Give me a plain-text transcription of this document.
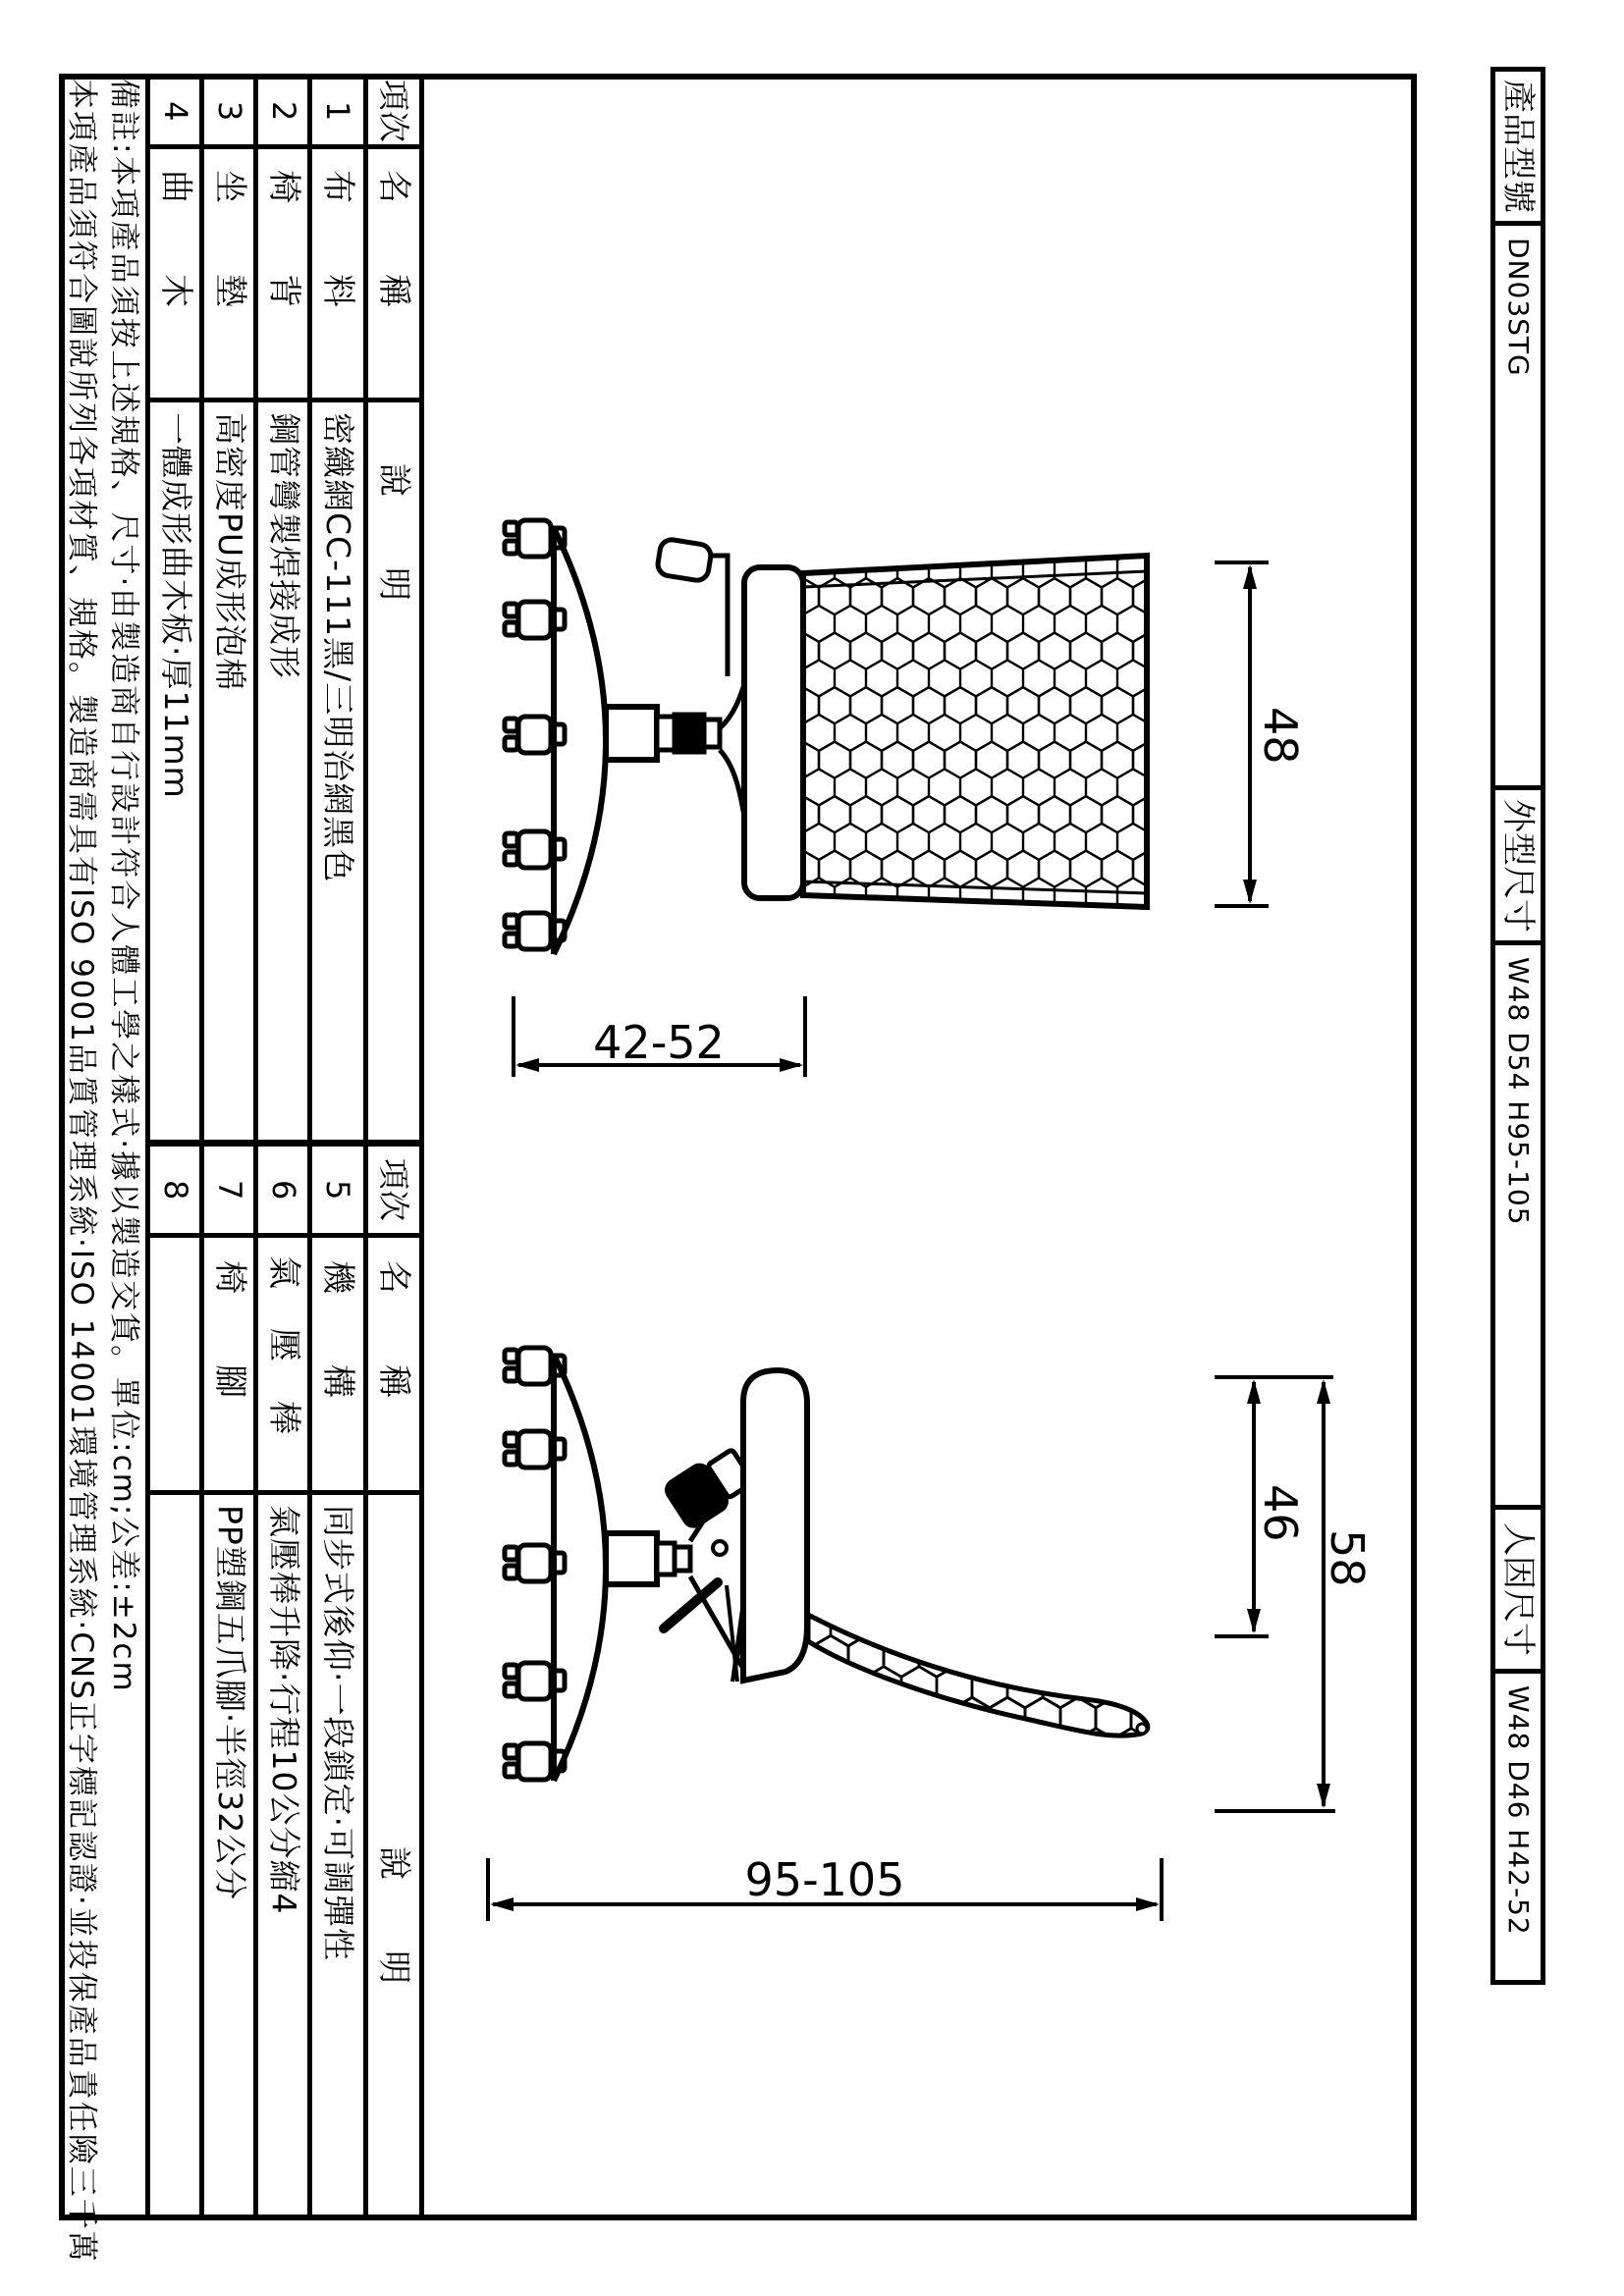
項次
名稱
說明
1
2
3
4
布料
椅背
坐墊
曲木
密織網CC-111黑/三明治網黑色
鋼管彎製焊接成形
高密度PU成形泡棉
一體成形曲木板·厚11mm
項次
名稱
說明
5
6
7
8
機構
氣壓棒
椅腳
同步式後仰·一段鎖定·可調彈性
氣壓棒升降·行程10公分縮4
PP塑鋼五爪腳·半徑32公分
備註:本項產品須按上述規格、尺寸·由製造商自行設計符合人體工學之樣式·據以製造交貨。單位:cm;公差:±2cm
本項產品須符合圖說所列各項材質、規格。製造商需具有ISO 9001品質管理系統·ISO 14001環境管理系統·CNS正字標記認證·並投保產品責任險三千萬	產品型號
DN03STG
外型尺寸
W48 D54 H95-105
人因尺寸
W48 D46 H42-52
48
42-52
46
58
95-105
